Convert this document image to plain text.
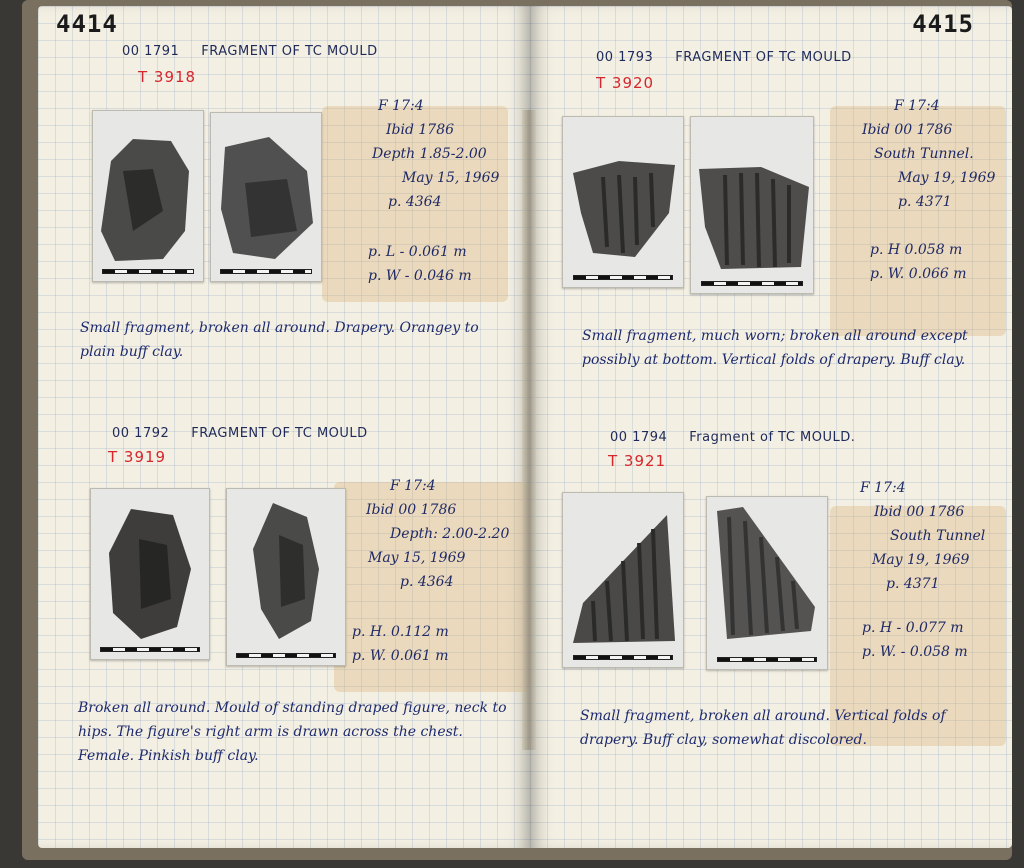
4414
00 1791 FRAGMENT OF TC MOULD
T 3918
F 17:4
Ibid 1786
Depth 1.85-2.00
May 15, 1969
p. 4364
p. L - 0.061 m
p. W - 0.046 m
Small fragment, broken all around. Drapery. Orangey to plain buff clay.
00 1792 FRAGMENT OF TC MOULD
T 3919
F 17:4
Ibid 00 1786
Depth: 2.00-2.20
May 15, 1969
p. 4364
p. H. 0.112 m
p. W. 0.061 m
Broken all around. Mould of standing draped figure, neck to hips. The figure's right arm is drawn across the chest. Female. Pinkish buff clay.
4415
00 1793 FRAGMENT OF TC MOULD
T 3920
F 17:4
Ibid 00 1786
South Tunnel.
May 19, 1969
p. 4371
p. H 0.058 m
p. W. 0.066 m
Small fragment, much worn; broken all around except possibly at bottom. Vertical folds of drapery. Buff clay.
00 1794 Fragment of TC MOULD.
T 3921
F 17:4
Ibid 00 1786
South Tunnel
May 19, 1969
p. 4371
p. H - 0.077 m
p. W. - 0.058 m
Small fragment, broken all around. Vertical folds of drapery. Buff clay, somewhat discolored.
